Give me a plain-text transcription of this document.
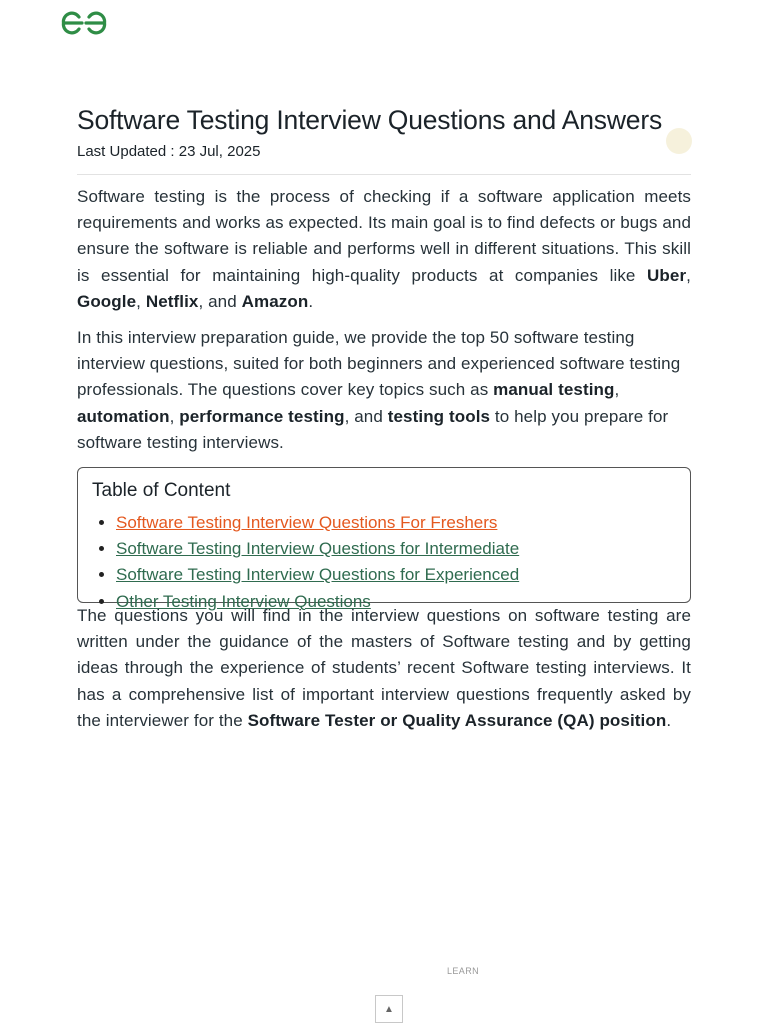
Software Testing Interview Questions and Answers
Last Updated : 23 Jul, 2025

Software testing is the process of checking if a software application meets requirements and works as expected. Its main goal is to find defects or bugs and ensure the software is reliable and performs well in different situations. This skill is essential for maintaining high-quality products at companies like Uber, Google, Netflix, and Amazon.

In this interview preparation guide, we provide the top 50 software testing interview questions, suited for both beginners and experienced software testing professionals. The questions cover key topics such as manual testing, automation, performance testing, and testing tools to help you prepare for software testing interviews.

Table of Content
• Software Testing Interview Questions For Freshers
• Software Testing Interview Questions for Intermediate
• Software Testing Interview Questions for Experienced
• Other Testing Interview Questions

The questions you will find in the interview questions on software testing are written under the guidance of the masters of Software testing and by getting ideas through the experience of students’ recent Software testing interviews. It has a comprehensive list of important interview questions frequently asked by the interviewer for the Software Tester or Quality Assurance (QA) position.

LEARN
▲
